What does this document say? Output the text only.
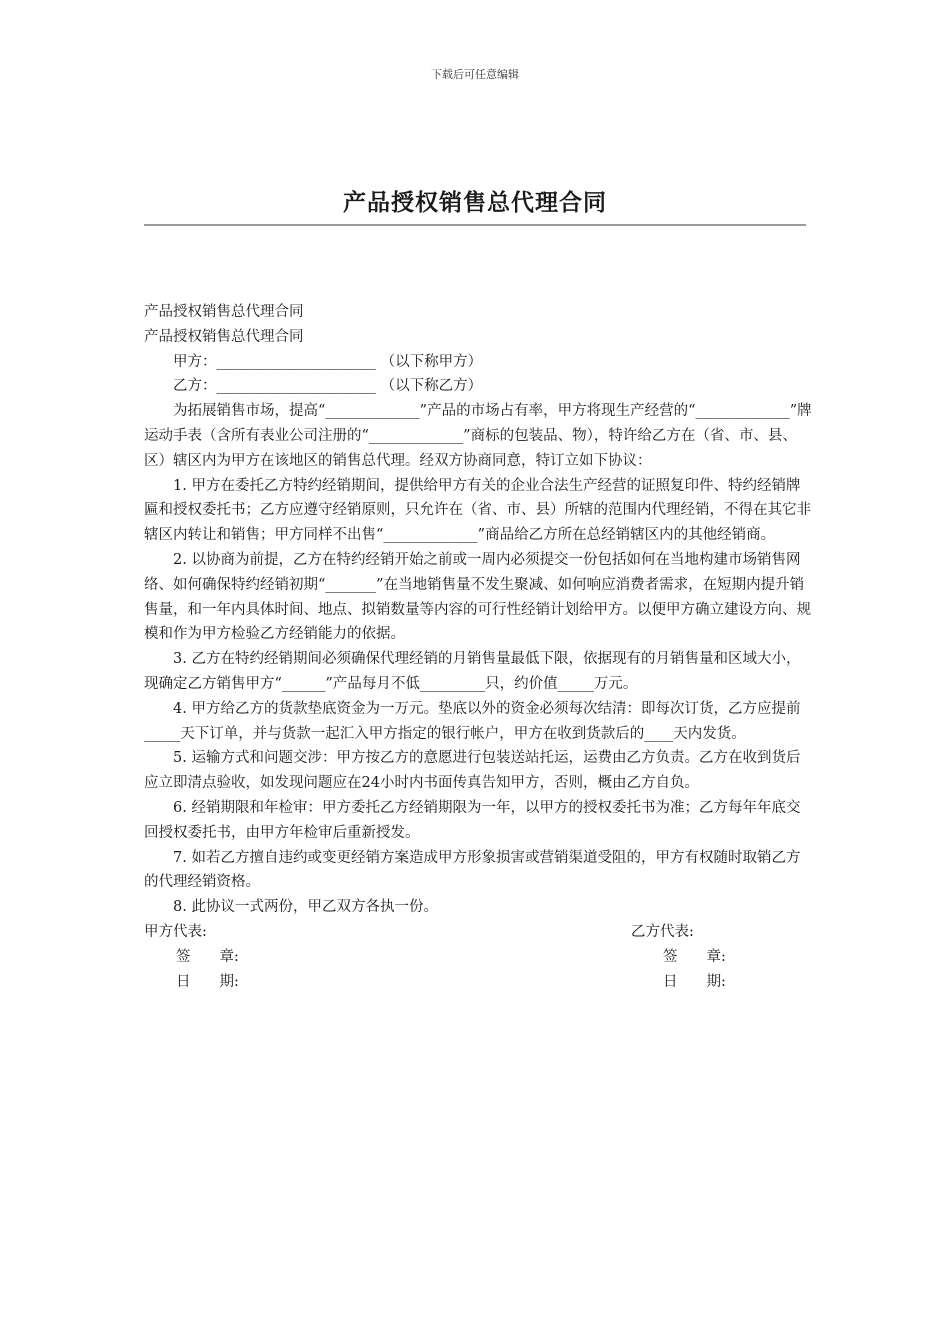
下载后可任意编辑
产品授权销售总代理合同

产品授权销售总代理合同

产品授权销售总代理合同

甲方：______________________ （以下称甲方）

乙方：______________________ （以下称乙方）

为拓展销售市场，提高“_____________”产品的市场占有率，甲方将现生产经营的“_____________”牌运动手表（含所有表业公司注册的“_____________”商标的包装品、物），特许给乙方在（省、市、县、区）辖区内为甲方在该地区的销售总代理。经双方协商同意，特订立如下协议：

1. 甲方在委托乙方特约经销期间，提供给甲方有关的企业合法生产经营的证照复印件、特约经销牌匾和授权委托书；乙方应遵守经销原则，只允许在（省、市、县）所辖的范围内代理经销，不得在其它非辖区内转让和销售；甲方同样不出售“_____________”商品给乙方所在总经销辖区内的其他经销商。

2. 以协商为前提，乙方在特约经销开始之前或一周内必须提交一份包括如何在当地构建市场销售网络、如何确保特约经销初期“_______”在当地销售量不发生聚减、如何响应消费者需求，在短期内提升销售量，和一年内具体时间、地点、拟销数量等内容的可行性经销计划给甲方。以便甲方确立建设方向、规模和作为甲方检验乙方经销能力的依据。

3. 乙方在特约经销期间必须确保代理经销的月销售量最低下限，依据现有的月销售量和区域大小，现确定乙方销售甲方“______”产品每月不低_________只，约价值_____万元。

4. 甲方给乙方的货款垫底资金为一万元。垫底以外的资金必须每次结清：即每次订货，乙方应提前_____天下订单，并与货款一起汇入甲方指定的银行帐户，甲方在收到货款后的____天内发货。

5. 运输方式和问题交涉：甲方按乙方的意愿进行包装送站托运，运费由乙方负责。乙方在收到货后应立即清点验收，如发现问题应在24小时内书面传真告知甲方，否则，概由乙方自负。

6. 经销期限和年检审：甲方委托乙方经销期限为一年，以甲方的授权委托书为准；乙方每年年底交回授权委托书，由甲方年检审后重新授发。

7. 如若乙方擅自违约或变更经销方案造成甲方形象损害或营销渠道受阻的，甲方有权随时取销乙方的代理经销资格。

8. 此协议一式两份，甲乙双方各执一份。

甲方代表:	乙方代表:
签　　章:	签　　章:
日　　期:	日　　期:
